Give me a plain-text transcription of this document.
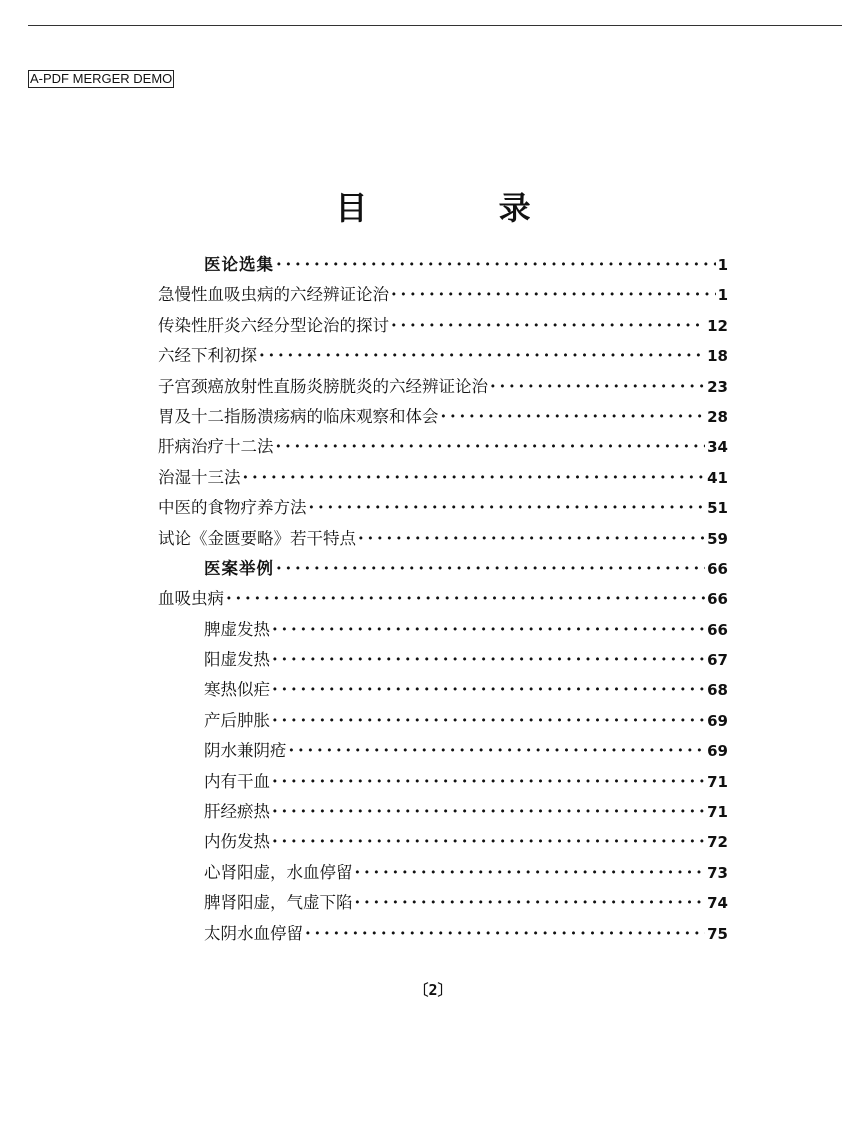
A-PDF MERGER DEMO
目 录
医论选集 · · ·	1
急慢性血吸虫病的六经辨证论治 · · ·	1
传染性肝炎六经分型论治的探讨 · · ·	12
六经下利初探 · · ·	18
子宫颈癌放射性直肠炎膀胱炎的六经辨证论治 · · ·	23
胃及十二指肠溃疡病的临床观察和体会 · · ·	28
肝病治疗十二法 · · ·	34
治湿十三法 · · ·	41
中医的食物疗养方法 · · ·	51
试论《金匮要略》若干特点 · · ·	59
医案举例 · · ·	66
血吸虫病 · · ·	66
脾虚发热 · · ·	66
阳虚发热 · · ·	67
寒热似疟 · · ·	68
产后肿胀 · · ·	69
阴水兼阴疮 · · ·	69
内有干血 · · ·	71
肝经瘀热 · · ·	71
内伤发热 · · ·	72
心肾阳虚，水血停留 · · ·	73
脾肾阳虚，气虚下陷 · · ·	74
太阴水血停留 · · ·	75
〔2〕
